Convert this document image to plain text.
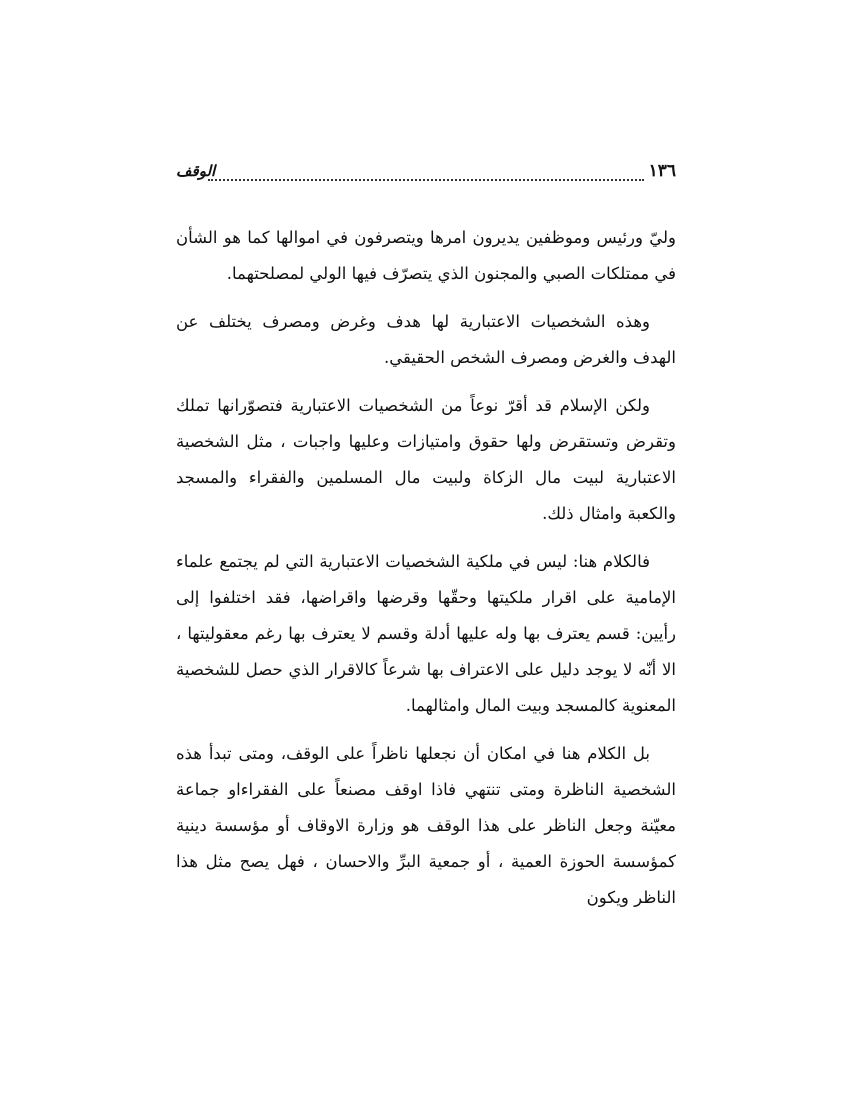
١٣٦
الوقف

وليّ ورئيس وموظفين يديرون امرها ويتصرفون في اموالها كما هو الشأن في ممتلكات الصبي والمجنون الذي يتصرّف فيها الولي لمصلحتهما.

وهذه الشخصيات الاعتبارية لها هدف وغرض ومصرف يختلف عن الهدف والغرض ومصرف الشخص الحقيقي.

ولكن الإسلام قد أقرّ نوعاً من الشخصيات الاعتبارية فتصوّرانها تملك وتقرض وتستقرض ولها حقوق وامتيازات وعليها واجبات ، مثل الشخصية الاعتبارية لبيت مال الزكاة ولبيت مال المسلمين والفقراء والمسجد والكعبة وامثال ذلك.

فالكلام هنا: ليس في ملكية الشخصيات الاعتبارية التي لم يجتمع علماء الإمامية على اقرار ملكيتها وحقّها وقرضها واقراضها، فقد اختلفوا إلى رأيين: قسم يعترف بها وله عليها أدلة وقسم لا يعترف بها رغم معقوليتها ، الا أنّه لا يوجد دليل على الاعتراف بها شرعاً كالاقرار الذي حصل للشخصية المعنوية كالمسجد وبيت المال وامثالهما.

بل الكلام هنا في امكان أن نجعلها ناظراً على الوقف، ومتى تبدأ هذه الشخصية الناظرة ومتى تنتهي فاذا اوقف مصنعاً على الفقراءاو جماعة معيّنة وجعل الناظر على هذا الوقف هو وزارة الاوقاف أو مؤسسة دينية كمؤسسة الحوزة العمية ، أو جمعية البرِّ والاحسان ، فهل يصح مثل هذا الناظر ويكون
